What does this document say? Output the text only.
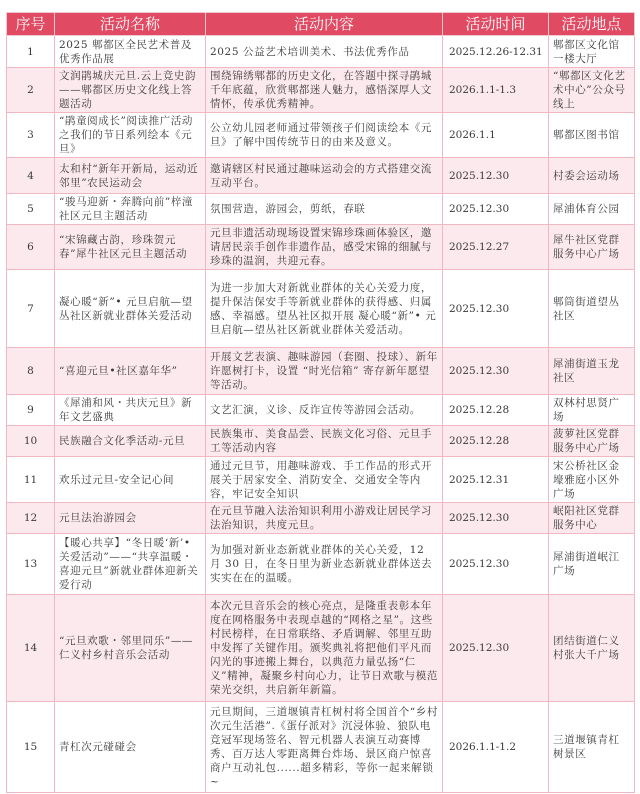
序号	活动名称	活动内容	活动时间	活动地点
1	2025 郫都区全民艺术普及优秀作品展	2025 公益艺术培训美术、书法优秀作品	2025.12.26-12.31	郫都区文化馆一楼大厅
2	文润鹃城庆元旦.云上竞史韵——郫都区历史文化线上答题活动	围绕锦绣郫都的历史文化，在答题中探寻鹃城千年底蕴，欣赏郫都迷人魅力，感悟深厚人文情怀，传承优秀精神。	2026.1.1-1.3	“郫都区文化艺术中心”公众号线上
3	“鹃童阅成长”阅读推广活动之我们的节日系列绘本《元旦》	公立幼儿园老师通过带领孩子们阅读绘本《元旦》了解中国传统节日的由来及意义。	2026.1.1	郫都区图书馆
4	太和村“新年开新局，运动近邻里”农民运动会	邀请辖区村民通过趣味运动会的方式搭建交流互动平台。	2025.12.30	村委会运动场
5	“骏马迎新・奔腾向前”梓潼社区元旦主题活动	氛围营造，游园会，剪纸，春联	2025.12.30	犀浦体育公园
6	“宋锦藏古韵，珍珠贺元春”犀牛社区元旦主题活动	元旦非遗活动现场设置宋锦珍珠画体验区，邀请居民亲手创作非遗作品，感受宋锦的细腻与珍珠的温润，共迎元春。	2025.12.27	犀牛社区党群服务中心广场
7	凝心暖“新”• 元旦启航—望丛社区新就业群体关爱活动	为进一步加大对新就业群体的关心关爱力度，提升保洁保安手等新就业群体的获得感、归属感、幸福感。望丛社区拟开展 凝心暖“新”• 元旦启航—望丛社区新就业群体关爱活动。	2025.12.30	郫筒街道望丛社区
8	“喜迎元旦•社区嘉年华”	开展文艺表演、趣味游园（套圈、投球）、新年许愿树打卡，设置 “时光信箱” 寄存新年愿望等活动。	2025.12.30	犀浦街道玉龙社区
9	《犀浦和风・共庆元旦》新年文艺盛典	文艺汇演，义诊、反诈宣传等游园会活动。	2025.12.28	双林村思贤广场
10	民族融合文化季活动-元旦	民族集市、美食品尝、民族文化习俗、元旦手工等活动内容	2025.12.28	菠萝社区党群服务中心广场
11	欢乐过元旦-安全记心间	通过元旦节，用趣味游戏、手工作品的形式开展关于居家安全、消防安全、交通安全等内容，牢记安全知识	2025.12.31	宋公桥社区金壕雅庭小区外广场
12	元旦法治游园会	在元旦节融入法治知识利用小游戏让居民学习法治知识，共度元旦。	2025.12.30	岷阳社区党群服务中心
13	【暖心共享】“冬日暖‘新’•关爱活动”——“共享温暖・喜迎元旦”新就业群体迎新关爱行动	为加强对新业态新就业群体的关心关爱，12 月 30 日，在冬日里为新业态新就业群体送去实实在在的温暖。	2025.12.30	犀浦街道岷江广场
14	“元旦欢歌・邻里同乐”——仁义村乡村音乐会活动	本次元旦音乐会的核心亮点，是隆重表彰本年度在网格服务中表现卓越的“网格之星”。这些村民榜样，在日常联络、矛盾调解、邻里互助中发挥了关键作用。颁奖典礼将把他们平凡而闪光的事迹搬上舞台，以典范力量弘扬“仁义”精神，凝聚乡村向心力，让节日欢歌与模范荣光交织，共启新年新篇。	2025.12.30	团结街道仁义村张大千广场
15	青杠次元碰碰会	元旦期间，三道堰镇青杠树村将全国首个“乡村次元生活港”.《蛋仔派对》沉浸体验、狼队电竞冠军现场签名、智元机器人表演互动赛博秀、百万达人零距离舞台炸场、景区商户惊喜商户互动礼包......超多精彩，等你一起来解锁~	2026.1.1-1.2	三道堰镇青杠树景区
